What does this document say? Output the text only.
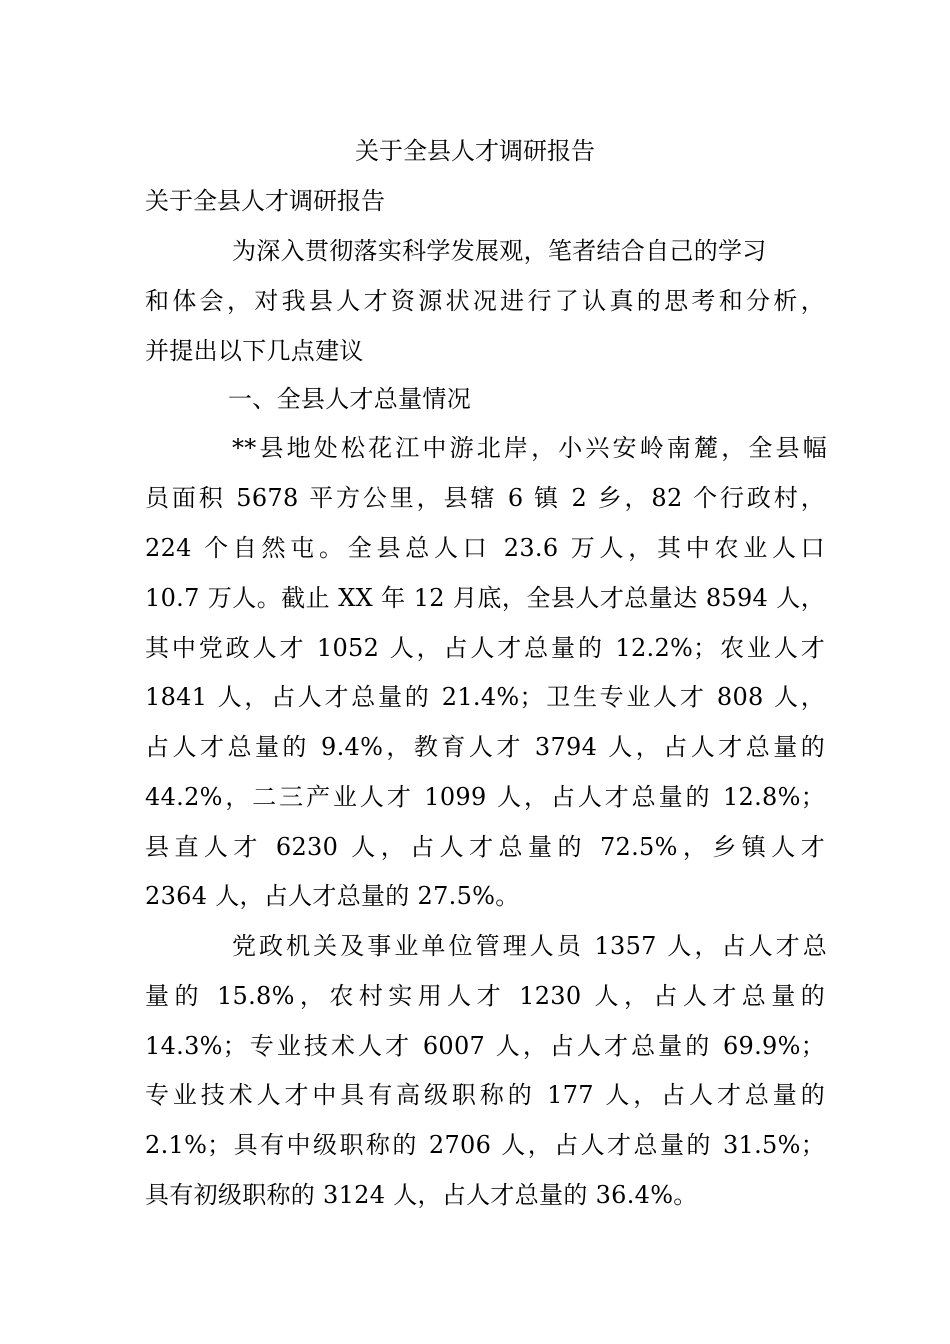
关于全县人才调研报告
关于全县人才调研报告
为深入贯彻落实科学发展观，笔者结合自己的学习
和体会，对我县人才资源状况进行了认真的思考和分析，
并提出以下几点建议
一、全县人才总量情况
**县地处松花江中游北岸，小兴安岭南麓，全县幅
员面积 5678 平方公里，县辖 6 镇 2 乡，82 个行政村，
224 个自然屯。全县总人口 23.6 万人，其中农业人口
10.7 万人。截止 XX 年 12 月底，全县人才总量达 8594 人，
其中党政人才 1052 人，占人才总量的 12.2%；农业人才
1841 人，占人才总量的 21.4%；卫生专业人才 808 人，
占人才总量的 9.4%，教育人才 3794 人，占人才总量的
44.2%，二三产业人才 1099 人，占人才总量的 12.8%；
县直人才 6230 人，占人才总量的 72.5%，乡镇人才
2364 人，占人才总量的 27.5%。
党政机关及事业单位管理人员 1357 人，占人才总
量的 15.8%，农村实用人才 1230 人，占人才总量的
14.3%；专业技术人才 6007 人，占人才总量的 69.9%；
专业技术人才中具有高级职称的 177 人，占人才总量的
2.1%；具有中级职称的 2706 人，占人才总量的 31.5%；
具有初级职称的 3124 人，占人才总量的 36.4%。
